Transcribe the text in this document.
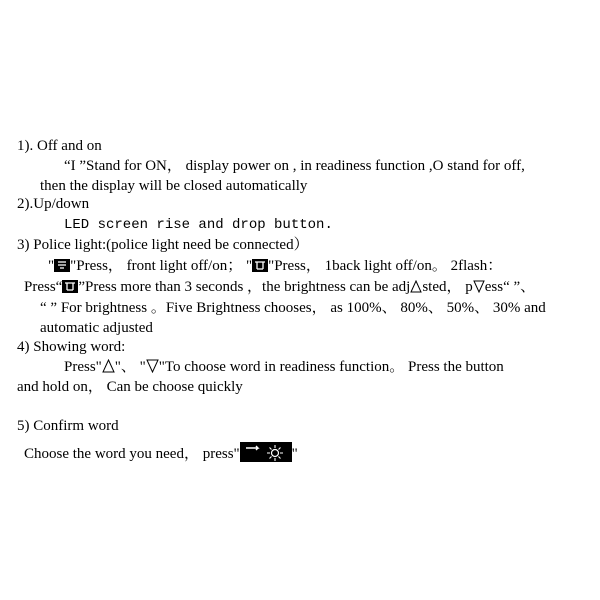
1). Off and on
“I ”Stand for ON， display power on , in readiness function ,O stand for off,
then the display will be closed automatically
2).Up/down
LED screen rise and drop button.
3) Police light:(police light need be connected）
" "Press， front light off/on； " "Press， 1back light off/on。 2flash：
Press“ ”Press more than 3 seconds ，the brightness can be adj sted， p ess“ ”、
“ ” For brightness 。Five Brightness chooses， as 100%、 80%、 50%、 30% and
automatic adjusted
4) Showing word:
Press" "、 " "To choose word in readiness function。 Press the button
and hold on， Can be choose quickly
5) Confirm word
Choose the word you need， press"	"
